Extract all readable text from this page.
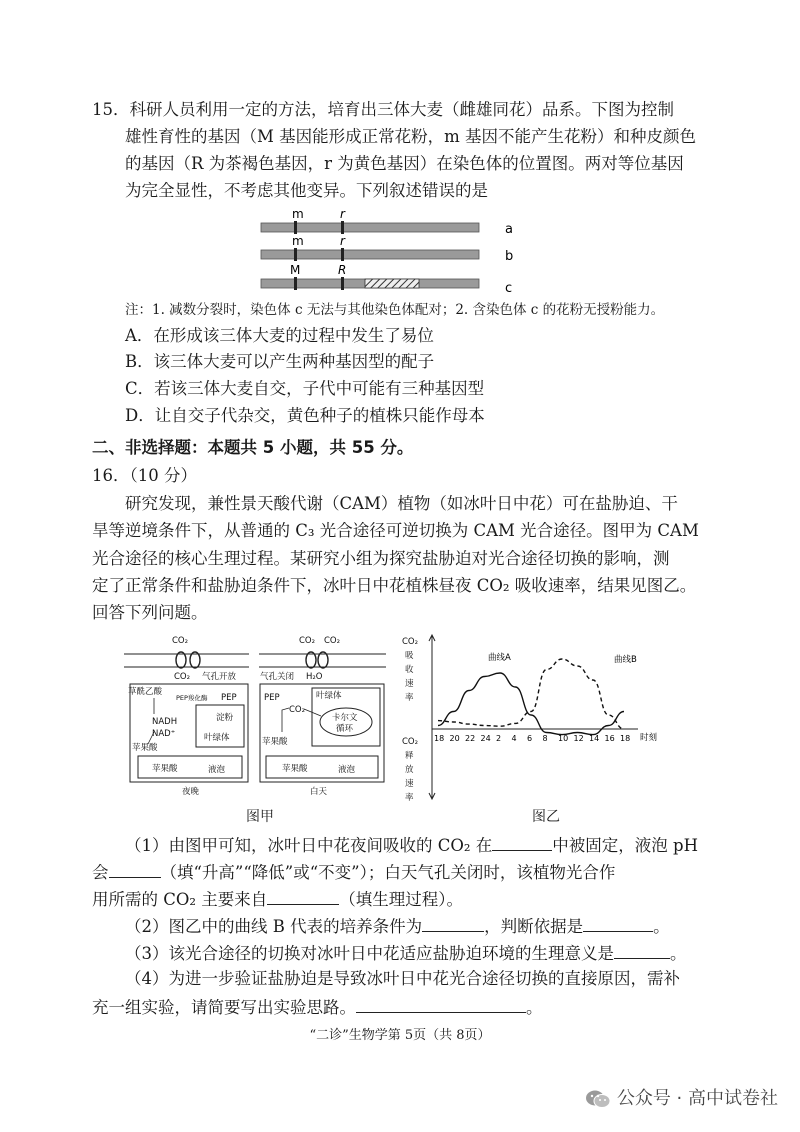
15．科研人员利用一定的方法，培育出三体大麦（雌雄同花）品系。下图为控制
雄性育性的基因（M 基因能形成正常花粉，m 基因不能产生花粉）和种皮颜色
的基因（R 为茶褐色基因，r 为黄色基因）在染色体的位置图。两对等位基因
为完全显性，不考虑其他变异。下列叙述错误的是
m	r
a
m	r
b
M	R
c
注：1. 减数分裂时，染色体 c 无法与其他染色体配对；2. 含染色体 c 的花粉无授粉能力。
A．在形成该三体大麦的过程中发生了易位
B．该三体大麦可以产生两种基因型的配子
C．若该三体大麦自交，子代中可能有三种基因型
D．让自交子代杂交，黄色种子的植株只能作母本
二、非选择题：本题共 5 小题，共 55 分。
16．（10 分）
研究发现，兼性景天酸代谢（CAM）植物（如冰叶日中花）可在盐胁迫、干
旱等逆境条件下，从普通的 C₃ 光合途径可逆切换为 CAM 光合途径。图甲为 CAM
光合途径的核心生理过程。某研究小组为探究盐胁迫对光合途径切换的影响，测
定了正常条件和盐胁迫条件下，冰叶日中花植株昼夜 CO₂ 吸收速率，结果见图乙。
回答下列问题。
CO₂
CO₂ 气孔开放
草酰乙酸
PEP羧化酶 PEP
淀粉
叶绿体
NADH
NAD⁺
苹果酸
苹果酸	液泡
夜晚
CO₂ CO₂
气孔关闭 H₂O
PEP
CO₂
叶绿体
卡尔文
循环
苹果酸
苹果酸	液泡
白天
图甲
CO₂
吸
收
速
率
CO₂
释
放
速
率
曲线A	曲线B
时刻
18 20 22 24 2 4 6 8 10 12 14 16 18
图乙
（1）由图甲可知，冰叶日中花夜间吸收的 CO₂ 在	中被固定，液泡 pH
会	（填“升高”“降低”或“不变”）；白天气孔关闭时，该植物光合作
用所需的 CO₂ 主要来自	（填生理过程）。
（2）图乙中的曲线 B 代表的培养条件为	，判断依据是	。
（3）该光合途径的切换对冰叶日中花适应盐胁迫环境的生理意义是	。
（4）为进一步验证盐胁迫是导致冰叶日中花光合途径切换的直接原因，需补
充一组实验，请简要写出实验思路。	。
“二诊”生物学第 5页（共 8页）
公众号 · 高中试卷社
